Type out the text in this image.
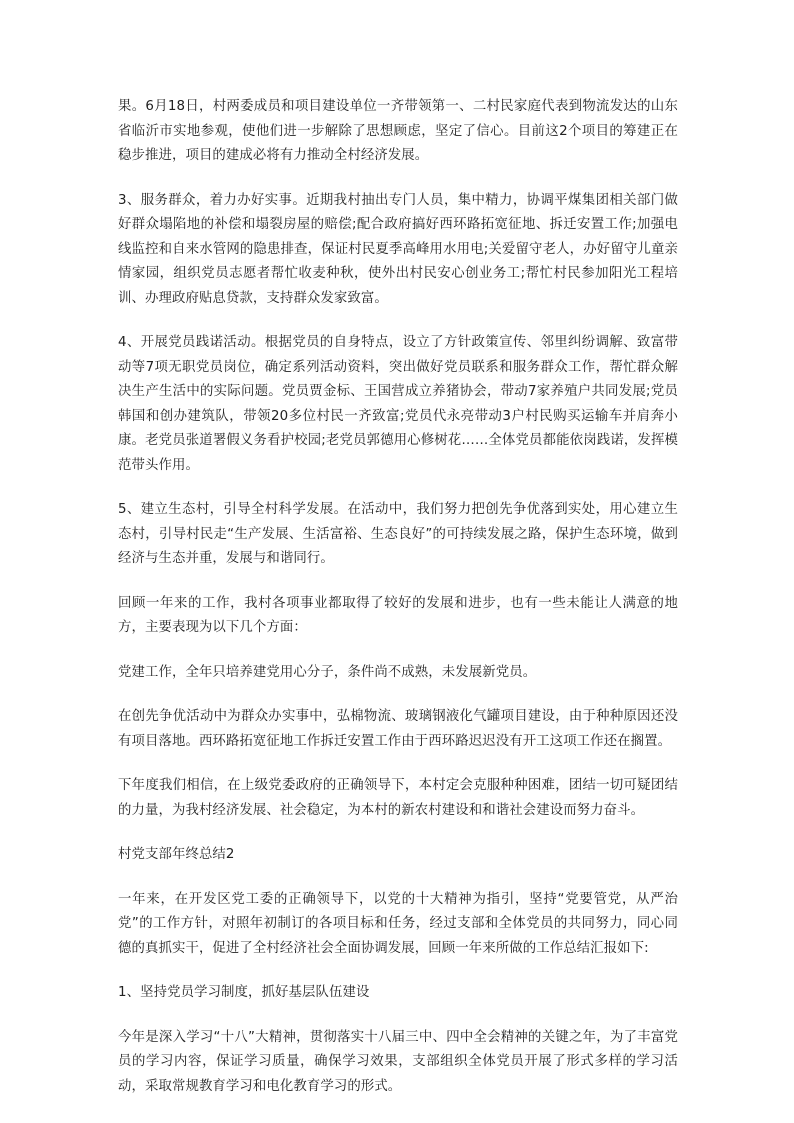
果。6月18日，村两委成员和项目建设单位一齐带领第一、二村民家庭代表到物流发达的山东省临沂市实地参观，使他们进一步解除了思想顾虑，坚定了信心。目前这2个项目的筹建正在稳步推进，项目的建成必将有力推动全村经济发展。

3、服务群众，着力办好实事。近期我村抽出专门人员，集中精力，协调平煤集团相关部门做好群众塌陷地的补偿和塌裂房屋的赔偿;配合政府搞好西环路拓宽征地、拆迁安置工作;加强电线监控和自来水管网的隐患排查，保证村民夏季高峰用水用电;关爱留守老人，办好留守儿童亲情家园，组织党员志愿者帮忙收麦种秋，使外出村民安心创业务工;帮忙村民参加阳光工程培训、办理政府贴息贷款，支持群众发家致富。

4、开展党员践诺活动。根据党员的自身特点，设立了方针政策宣传、邻里纠纷调解、致富带动等7项无职党员岗位，确定系列活动资料，突出做好党员联系和服务群众工作，帮忙群众解决生产生活中的实际问题。党员贾金标、王国营成立养猪协会，带动7家养殖户共同发展;党员韩国和创办建筑队，带领20多位村民一齐致富;党员代永亮带动3户村民购买运输车并肩奔小康。老党员张道署假义务看护校园;老党员郭德用心修树花……全体党员都能依岗践诺，发挥模范带头作用。

5、建立生态村，引导全村科学发展。在活动中，我们努力把创先争优落到实处，用心建立生态村，引导村民走“生产发展、生活富裕、生态良好”的可持续发展之路，保护生态环境，做到经济与生态并重，发展与和谐同行。

回顾一年来的工作，我村各项事业都取得了较好的发展和进步，也有一些未能让人满意的地方，主要表现为以下几个方面：

党建工作，全年只培养建党用心分子，条件尚不成熟，未发展新党员。

在创先争优活动中为群众办实事中，弘棉物流、玻璃钢液化气罐项目建设，由于种种原因还没有项目落地。西环路拓宽征地工作拆迁安置工作由于西环路迟迟没有开工这项工作还在搁置。

下年度我们相信，在上级党委政府的正确领导下，本村定会克服种种困难，团结一切可疑团结的力量，为我村经济发展、社会稳定，为本村的新农村建设和和谐社会建设而努力奋斗。

村党支部年终总结2

一年来，在开发区党工委的正确领导下，以党的十大精神为指引，坚持“党要管党，从严治党”的工作方针，对照年初制订的各项目标和任务，经过支部和全体党员的共同努力，同心同德的真抓实干，促进了全村经济社会全面协调发展，回顾一年来所做的工作总结汇报如下:

1、坚持党员学习制度，抓好基层队伍建设

今年是深入学习“十八”大精神，贯彻落实十八届三中、四中全会精神的关键之年，为了丰富党员的学习内容，保证学习质量，确保学习效果，支部组织全体党员开展了形式多样的学习活动，采取常规教育学习和电化教育学习的形式。
